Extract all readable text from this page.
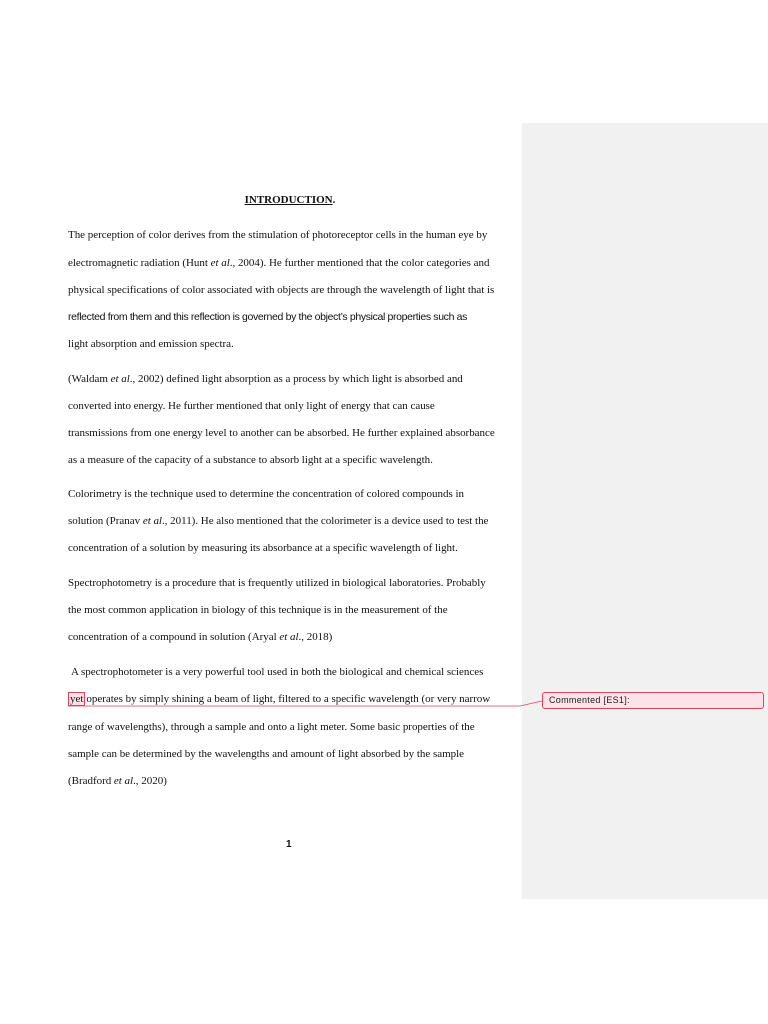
INTRODUCTION.
The perception of color derives from the stimulation of photoreceptor cells in the human eye by
electromagnetic radiation (Hunt et al., 2004). He further mentioned that the color categories and
physical specifications of color associated with objects are through the wavelength of light that is
reflected from them and this reflection is governed by the object’s physical properties such as
light absorption and emission spectra.
(Waldam et al., 2002) defined light absorption as a process by which light is absorbed and
converted into energy. He further mentioned that only light of energy that can cause
transmissions from one energy level to another can be absorbed. He further explained absorbance
as a measure of the capacity of a substance to absorb light at a specific wavelength.
Colorimetry is the technique used to determine the concentration of colored compounds in
solution (Pranav et al., 2011). He also mentioned that the colorimeter is a device used to test the
concentration of a solution by measuring its absorbance at a specific wavelength of light.
Spectrophotometry is a procedure that is frequently utilized in biological laboratories. Probably
the most common application in biology of this technique is in the measurement of the
concentration of a compound in solution (Aryal et al., 2018)
A spectrophotometer is a very powerful tool used in both the biological and chemical sciences
yet operates by simply shining a beam of light, filtered to a specific wavelength (or very narrow
range of wavelengths), through a sample and onto a light meter. Some basic properties of the
sample can be determined by the wavelengths and amount of light absorbed by the sample
(Bradford et al., 2020)
1
Commented [ES1]:
